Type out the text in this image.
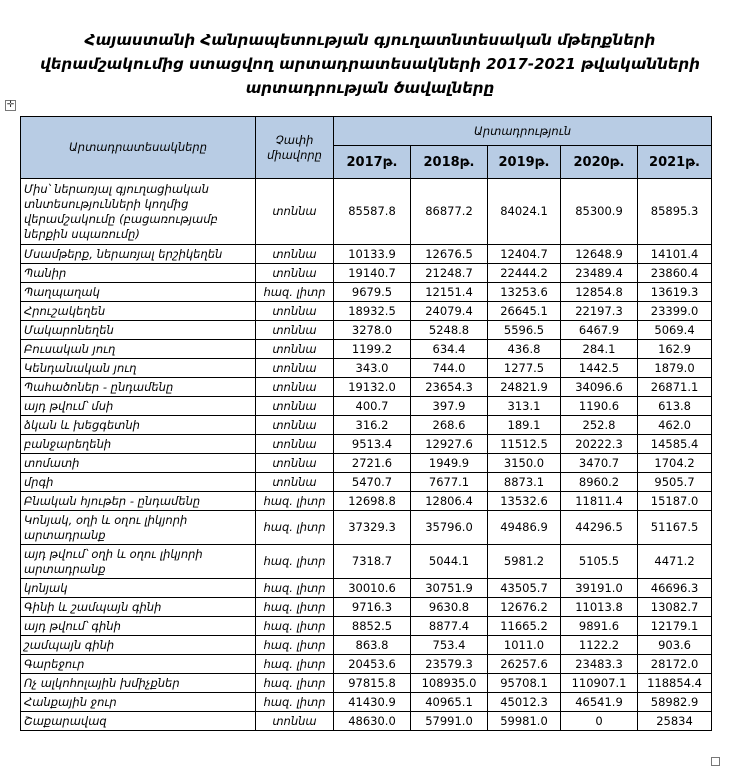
Հայաստանի Հանրապետության գյուղատնտեսական մթերքների
վերամշակումից ստացվող արտադրատեսակների 2017-2021 թվականների
արտադրության ծավալները
✛
Արտադրատեսակները	Չափի միավորը	Արտադրություն				
		2017թ.	2018թ.	2019թ.	2020թ.	2021թ.
Միս՝ ներառյալ գյուղացիական տնտեսությունների կողմից վերամշակումը (բացառությամբ ներքին սպառումը)	տոննա	85587.8	86877.2	84024.1	85300.9	85895.3
Մսամթերք, ներառյալ երշիկեղեն	տոննա	10133.9	12676.5	12404.7	12648.9	14101.4
Պանիր	տոննա	19140.7	21248.7	22444.2	23489.4	23860.4
Պաղպաղակ	հազ. լիտր	9679.5	12151.4	13253.6	12854.8	13619.3
Հրուշակեղեն	տոննա	18932.5	24079.4	26645.1	22197.3	23399.0
Մակարոնեղեն	տոննա	3278.0	5248.8	5596.5	6467.9	5069.4
Բուսական յուղ	տոննա	1199.2	634.4	436.8	284.1	162.9
Կենդանական յուղ	տոննա	343.0	744.0	1277.5	1442.5	1879.0
Պահածոներ - ընդամենը	տոննա	19132.0	23654.3	24821.9	34096.6	26871.1
այդ թվում՝ մսի	տոննա	400.7	397.9	313.1	1190.6	613.8
ձկան և խեցգետնի	տոննա	316.2	268.6	189.1	252.8	462.0
բանջարեղենի	տոննա	9513.4	12927.6	11512.5	20222.3	14585.4
տոմատի	տոննա	2721.6	1949.9	3150.0	3470.7	1704.2
մրգի	տոննա	5470.7	7677.1	8873.1	8960.2	9505.7
Բնական հյութեր - ընդամենը	հազ. լիտր	12698.8	12806.4	13532.6	11811.4	15187.0
Կոնյակ, օղի և օղու լիկյորի արտադրանք	հազ. լիտր	37329.3	35796.0	49486.9	44296.5	51167.5
այդ թվում՝ օղի և օղու լիկյորի արտադրանք	հազ. լիտր	7318.7	5044.1	5981.2	5105.5	4471.2
կոնյակ	հազ. լիտր	30010.6	30751.9	43505.7	39191.0	46696.3
Գինի և շամպայն գինի	հազ. լիտր	9716.3	9630.8	12676.2	11013.8	13082.7
այդ թվում՝ գինի	հազ. լիտր	8852.5	8877.4	11665.2	9891.6	12179.1
շամպայն գինի	հազ. լիտր	863.8	753.4	1011.0	1122.2	903.6
Գարեջուր	հազ. լիտր	20453.6	23579.3	26257.6	23483.3	28172.0
Ոչ ալկոհոլային խմիչքներ	հազ. լիտր	97815.8	108935.0	95708.1	110907.1	118854.4
Հանքային ջուր	հազ. լիտր	41430.9	40965.1	45012.3	46541.9	58982.9
Շաքարավազ	տոննա	48630.0	57991.0	59981.0	0	25834
